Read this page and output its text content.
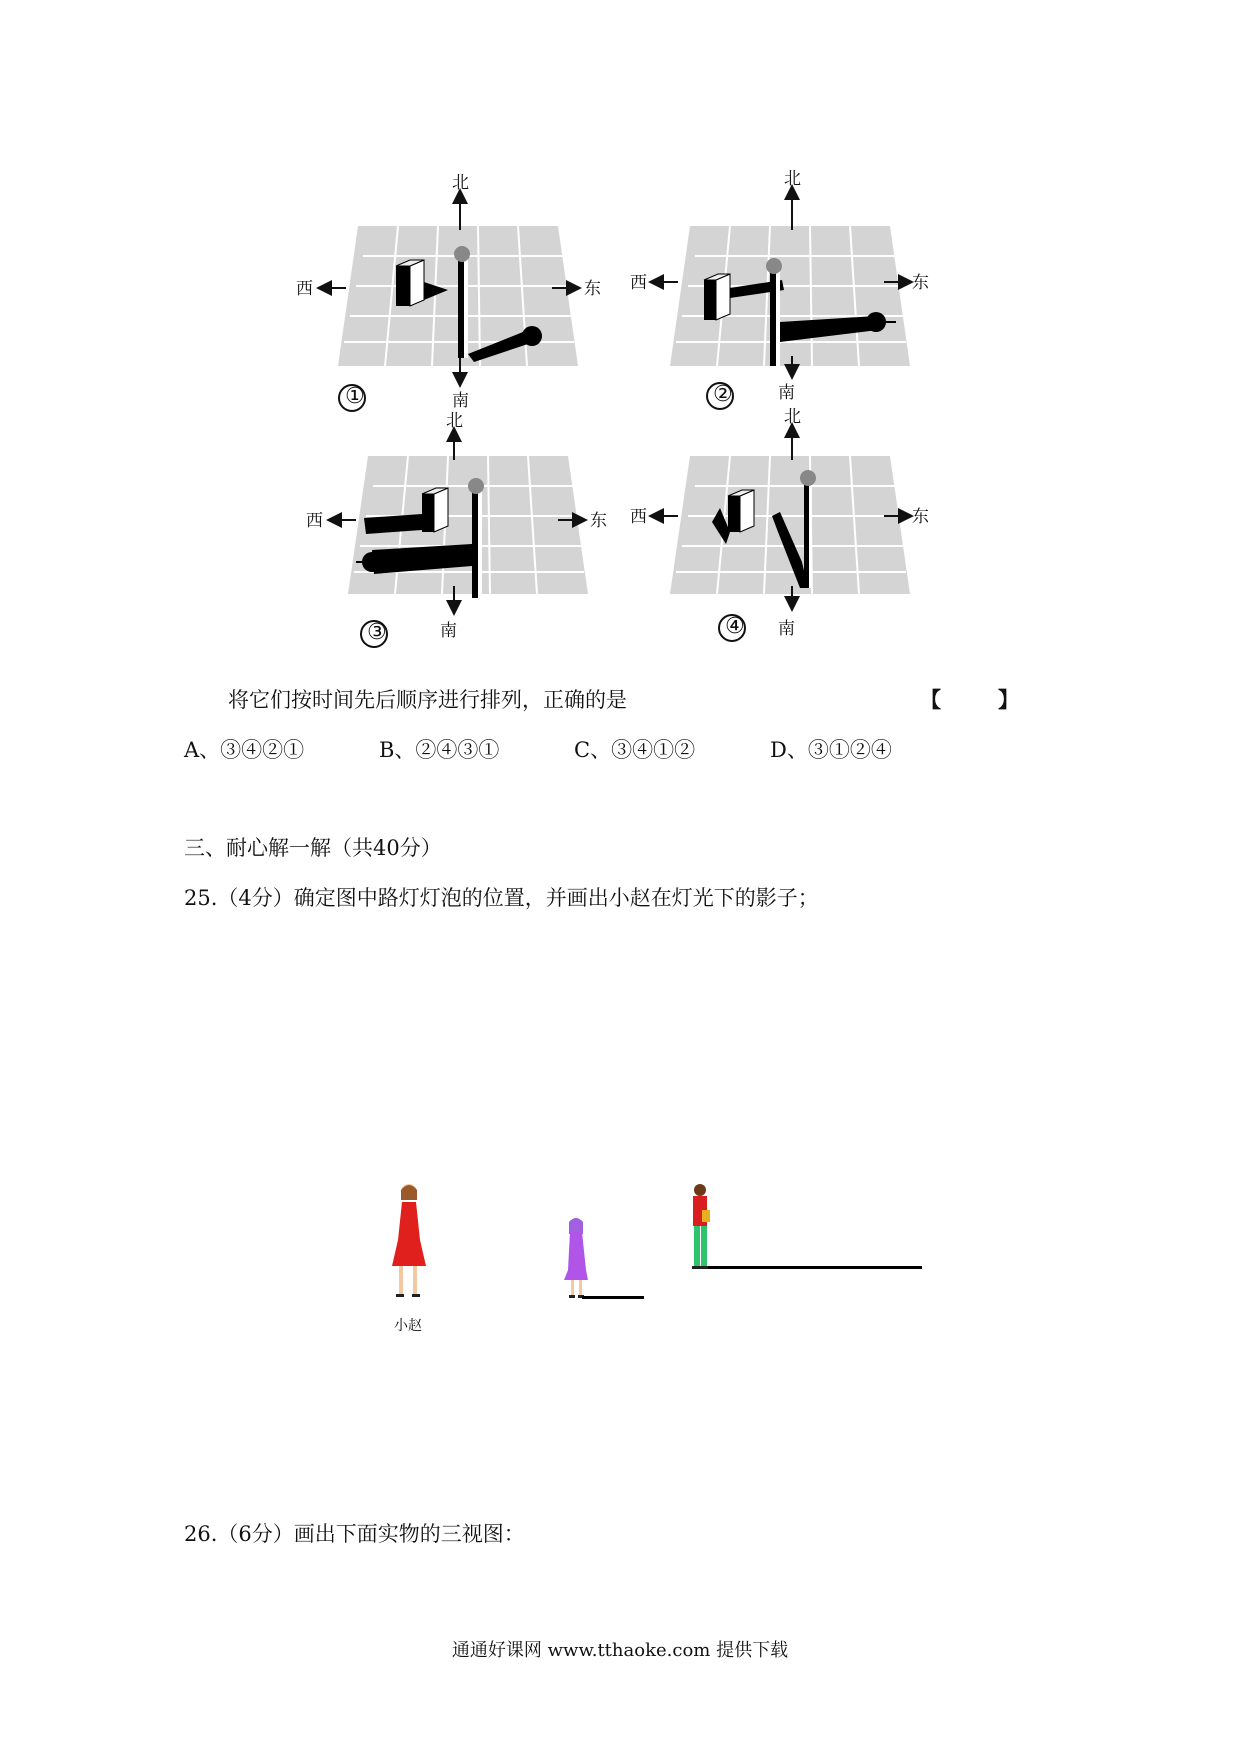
北
南
西	东
①
北
南
西	东
②
北
南
西	东
③
北
南
西	东
④
将它们按时间先后顺序进行排列，正确的是	【	】
A、③④②①	B、②④③①	C、③④①②	D、③①②④
三、耐心解一解（共40分）
25.（4分）确定图中路灯灯泡的位置，并画出小赵在灯光下的影子；
小赵
26.（6分）画出下面实物的三视图：
通通好课网 www.tthaoke.com 提供下载
